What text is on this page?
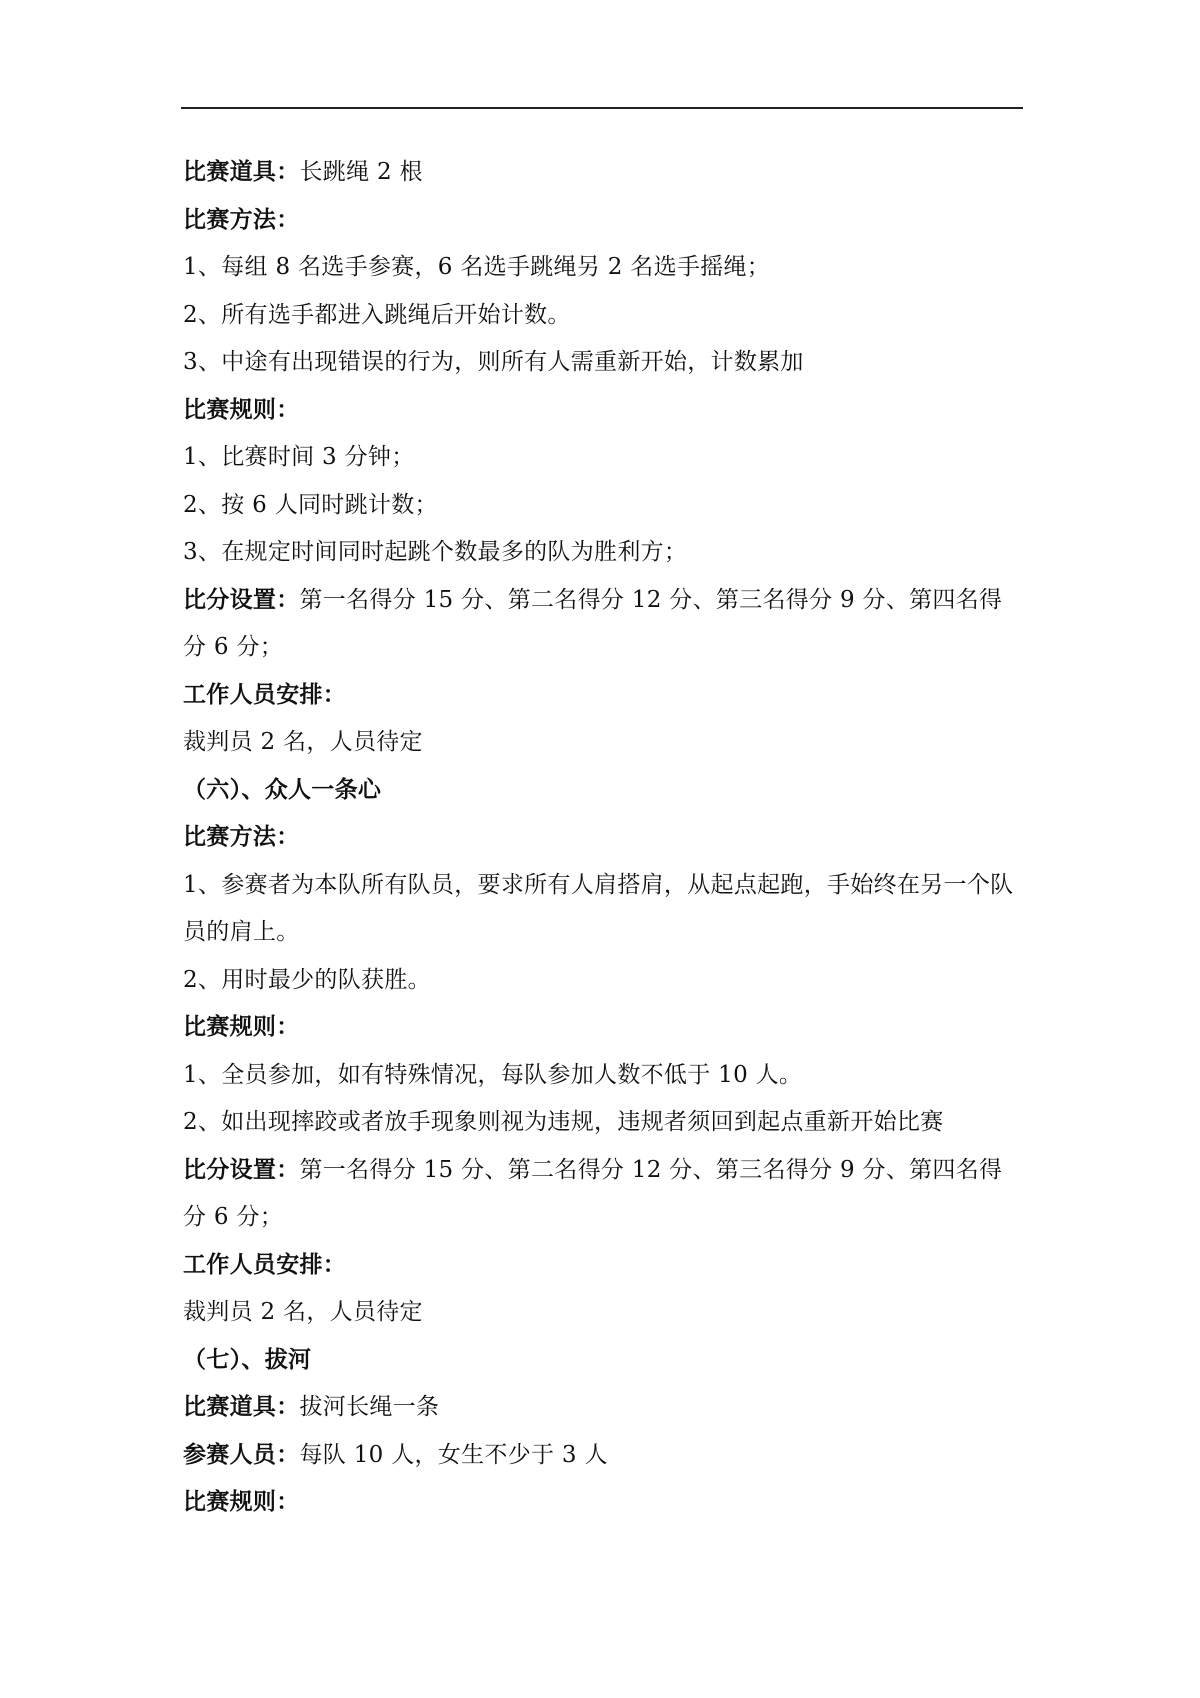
比赛道具：长跳绳 2 根
比赛方法：
1、每组 8 名选手参赛，6 名选手跳绳另 2 名选手摇绳；
2、所有选手都进入跳绳后开始计数。
3、中途有出现错误的行为，则所有人需重新开始，计数累加
比赛规则：
1、比赛时间 3 分钟；
2、按 6 人同时跳计数；
3、在规定时间同时起跳个数最多的队为胜利方；
比分设置：第一名得分 15 分、第二名得分 12 分、第三名得分 9 分、第四名得分 6 分；
工作人员安排：
裁判员 2 名，人员待定
（六）、众人一条心
比赛方法：
1、参赛者为本队所有队员，要求所有人肩搭肩，从起点起跑，手始终在另一个队员的肩上。
2、用时最少的队获胜。
比赛规则：
1、全员参加，如有特殊情况，每队参加人数不低于 10 人。
2、如出现摔跤或者放手现象则视为违规，违规者须回到起点重新开始比赛
比分设置：第一名得分 15 分、第二名得分 12 分、第三名得分 9 分、第四名得分 6 分；
工作人员安排：
裁判员 2 名，人员待定
（七）、拔河
比赛道具：拔河长绳一条
参赛人员：每队 10 人，女生不少于 3 人
比赛规则：
